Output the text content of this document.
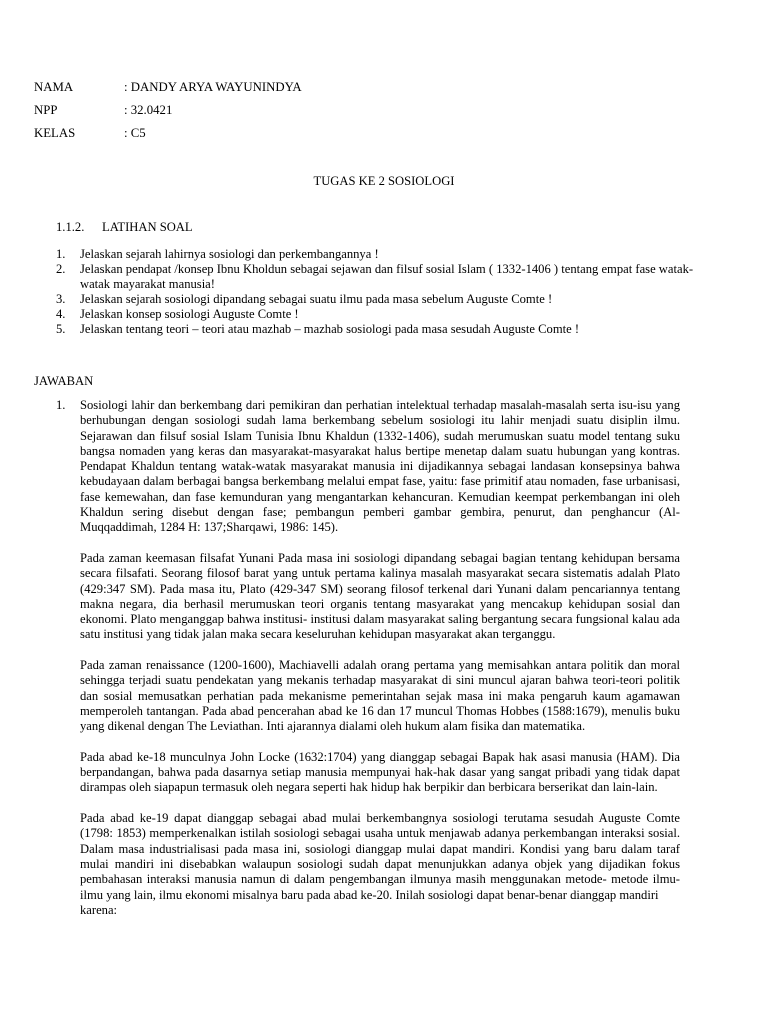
NAMA	: DANDY ARYA WAYUNINDYA
NPP	: 32.0421
KELAS	: C5
TUGAS KE 2 SOSIOLOGI
1.1.2. LATIHAN SOAL
1. Jelaskan sejarah lahirnya sosiologi dan perkembangannya !
2. Jelaskan pendapat /konsep Ibnu Kholdun sebagai sejawan dan filsuf sosial Islam ( 1332-1406 ) tentang empat fase watak-watak mayarakat manusia!
3. Jelaskan sejarah sosiologi dipandang sebagai suatu ilmu pada masa sebelum Auguste Comte !
4. Jelaskan konsep sosiologi Auguste Comte !
5. Jelaskan tentang teori – teori atau mazhab – mazhab sosiologi pada masa sesudah Auguste Comte !
JAWABAN
1. Sosiologi lahir dan berkembang dari pemikiran dan perhatian intelektual terhadap masalah-masalah serta isu-isu yang berhubungan dengan sosiologi sudah lama berkembang sebelum sosiologi itu lahir menjadi suatu disiplin ilmu. Sejarawan dan filsuf sosial Islam Tunisia Ibnu Khaldun (1332-1406), sudah merumuskan suatu model tentang suku bangsa nomaden yang keras dan masyarakat-masyarakat halus bertipe menetap dalam suatu hubungan yang kontras. Pendapat Khaldun tentang watak-watak masyarakat manusia ini dijadikannya sebagai landasan konsepsinya bahwa kebudayaan dalam berbagai bangsa berkembang melalui empat fase, yaitu: fase primitif atau nomaden, fase urbanisasi, fase kemewahan, dan fase kemunduran yang mengantarkan kehancuran. Kemudian keempat perkembangan ini oleh Khaldun sering disebut dengan fase; pembangun pemberi gambar gembira, penurut, dan penghancur (Al-Muqqaddimah, 1284 H: 137;Sharqawi, 1986: 145).

Pada zaman keemasan filsafat Yunani Pada masa ini sosiologi dipandang sebagai bagian tentang kehidupan bersama secara filsafati. Seorang filosof barat yang untuk pertama kalinya masalah masyarakat secara sistematis adalah Plato (429:347 SM). Pada masa itu, Plato (429-347 SM) seorang filosof terkenal dari Yunani dalam pencariannya tentang makna negara, dia berhasil merumuskan teori organis tentang masyarakat yang mencakup kehidupan sosial dan ekonomi. Plato menganggap bahwa institusi- institusi dalam masyarakat saling bergantung secara fungsional kalau ada satu institusi yang tidak jalan maka secara keseluruhan kehidupan masyarakat akan terganggu.

Pada zaman renaissance (1200-1600), Machiavelli adalah orang pertama yang memisahkan antara politik dan moral sehingga terjadi suatu pendekatan yang mekanis terhadap masyarakat di sini muncul ajaran bahwa teori-teori politik dan sosial memusatkan perhatian pada mekanisme pemerintahan sejak masa ini maka pengaruh kaum agamawan memperoleh tantangan. Pada abad pencerahan abad ke 16 dan 17 muncul Thomas Hobbes (1588:1679), menulis buku yang dikenal dengan The Leviathan. Inti ajarannya dialami oleh hukum alam fisika dan matematika.

Pada abad ke-18 munculnya John Locke (1632:1704) yang dianggap sebagai Bapak hak asasi manusia (HAM). Dia berpandangan, bahwa pada dasarnya setiap manusia mempunyai hak-hak dasar yang sangat pribadi yang tidak dapat dirampas oleh siapapun termasuk oleh negara seperti hak hidup hak berpikir dan berbicara berserikat dan lain-lain.

Pada abad ke-19 dapat dianggap sebagai abad mulai berkembangnya sosiologi terutama sesudah Auguste Comte (1798: 1853) memperkenalkan istilah sosiologi sebagai usaha untuk menjawab adanya perkembangan interaksi sosial. Dalam masa industrialisasi pada masa ini, sosiologi dianggap mulai dapat mandiri. Kondisi yang baru dalam taraf mulai mandiri ini disebabkan walaupun sosiologi sudah dapat menunjukkan adanya objek yang dijadikan fokus pembahasan interaksi manusia namun di dalam pengembangan ilmunya masih menggunakan metode- metode ilmu-ilmu yang lain, ilmu ekonomi misalnya baru pada abad ke-20. Inilah sosiologi dapat benar-benar dianggap mandiri

karena:
